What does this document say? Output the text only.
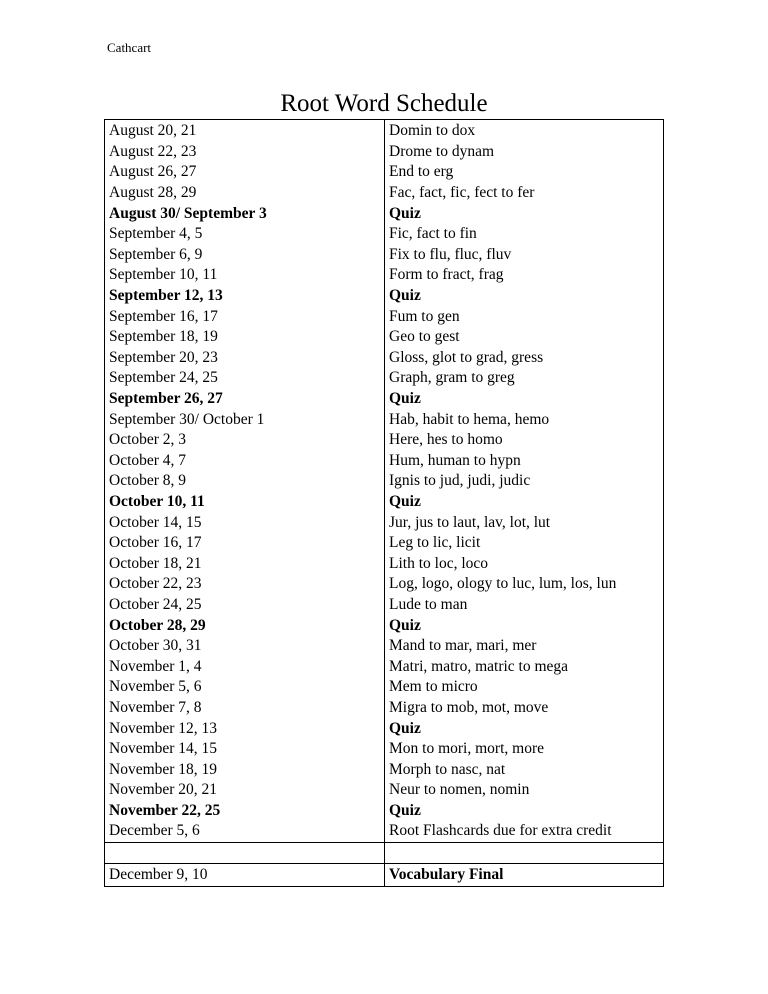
Cathcart
Root Word Schedule
August 20, 21	Domin to dox
August 22, 23	Drome to dynam
August 26, 27	End to erg
August 28, 29	Fac, fact, fic, fect to fer
August 30/ September 3	Quiz
September 4, 5	Fic, fact to fin
September 6, 9	Fix to flu, fluc, fluv
September 10, 11	Form to fract, frag
September 12, 13	Quiz
September 16, 17	Fum to gen
September 18, 19	Geo to gest
September 20, 23	Gloss, glot to grad, gress
September 24, 25	Graph, gram to greg
September 26, 27	Quiz
September 30/ October 1	Hab, habit to hema, hemo
October 2, 3	Here, hes to homo
October 4, 7	Hum, human to hypn
October 8, 9	Ignis to jud, judi, judic
October 10, 11	Quiz
October 14, 15	Jur, jus to laut, lav, lot, lut
October 16, 17	Leg to lic, licit
October 18, 21	Lith to loc, loco
October 22, 23	Log, logo, ology to luc, lum, los, lun
October 24, 25	Lude to man
October 28, 29	Quiz
October 30, 31	Mand to mar, mari, mer
November 1, 4	Matri, matro, matric to mega
November 5, 6	Mem to micro
November 7, 8	Migra to mob, mot, move
November 12, 13	Quiz
November 14, 15	Mon to mori, mort, more
November 18, 19	Morph to nasc, nat
November 20, 21	Neur to nomen, nomin
November 22, 25	Quiz
December 5, 6	Root Flashcards due for extra credit

December 9, 10	Vocabulary Final
